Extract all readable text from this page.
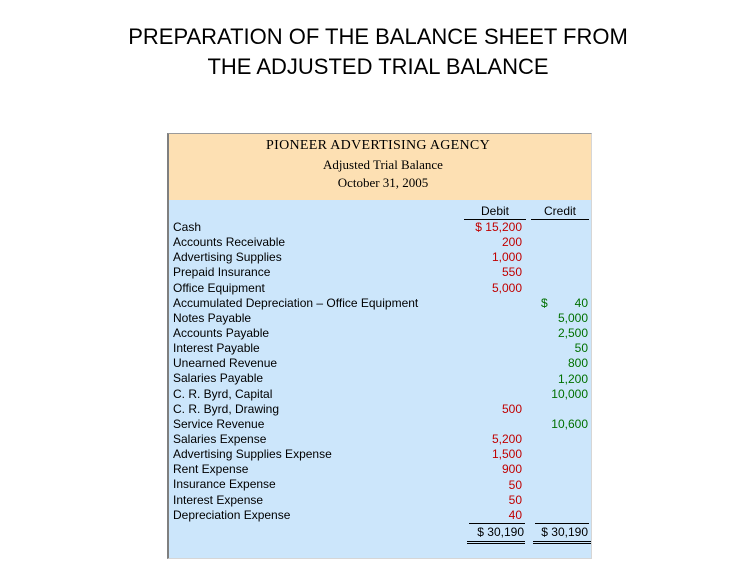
PREPARATION OF THE BALANCE SHEET FROM
THE ADJUSTED TRIAL BALANCE
PIONEER ADVERTISING AGENCY
Adjusted Trial Balance
October 31, 2005
Debit	Credit
Cash
Accounts Receivable
Advertising Supplies
Prepaid Insurance
Office Equipment
Accumulated Depreciation – Office Equipment
Notes Payable
Accounts Payable
Interest Payable
Unearned Revenue
Salaries Payable
C. R. Byrd, Capital
C. R. Byrd, Drawing
Service Revenue
Salaries Expense
Advertising Supplies Expense
Rent Expense
Insurance Expense
Interest Expense
Depreciation Expense
$ 15,200
200
1,000
550
5,000
$ 40
5,000
2,500
50
800
1,200
10,000
500
10,600
5,200
1,500
900
50
50
40
$ 30,190	$ 30,190
